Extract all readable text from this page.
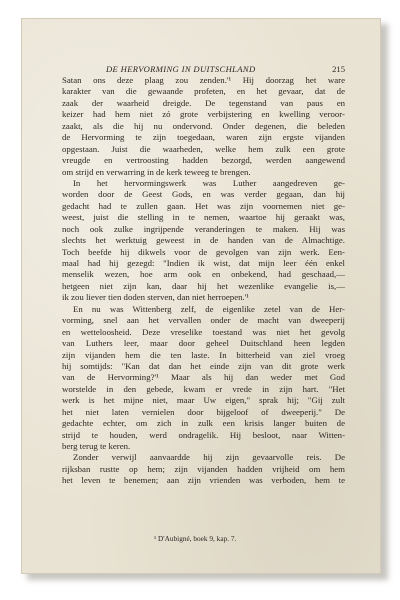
DE HERVORMING IN DUITSCHLAND	215
Satan ons deze plaag zou zenden.'¹ Hij doorzag het ware
karakter van die gewaande profeten, en het gevaar, dat de
zaak der waarheid dreigde. De tegenstand van paus en
keizer had hem niet zó grote verbijstering en kwelling veroor-
zaakt, als die hij nu ondervond. Onder degenen, die beleden
de Hervorming te zijn toegedaan, waren zijn ergste vijanden
opgestaan. Juist die waarheden, welke hem zulk een grote
vreugde en vertroosting hadden bezorgd, werden aangewend
om strijd en verwarring in de kerk teweeg te brengen.
In het hervormingswerk was Luther aangedreven ge-
worden door de Geest Gods, en was verder gegaan, dan hij
gedacht had te zullen gaan. Het was zijn voornemen niet ge-
weest, juist die stelling in te nemen, waartoe hij geraakt was,
noch ook zulke ingrijpende veranderingen te maken. Hij was
slechts het werktuig geweest in de handen van de Almachtige.
Toch beefde hij dikwels voor de gevolgen van zijn werk. Een-
maal had hij gezegd: "Indien ik wist, dat mijn leer één enkel
menselik wezen, hoe arm ook en onbekend, had geschaad,—
hetgeen niet zijn kan, daar hij het wezenlike evangelie is,—
ik zou liever tien doden sterven, dan niet herroepen.'¹
En nu was Wittenberg zelf, de eigenlike zetel van de Her-
vorming, snel aan het vervallen onder de macht van dweeperij
en wetteloosheid. Deze vreselike toestand was niet het gevolg
van Luthers leer, maar door geheel Duitschland heen legden
zijn vijanden hem die ten laste. In bitterheid van ziel vroeg
hij somtijds: "Kan dat dan het einde zijn van dit grote werk
van de Hervorming?'¹ Maar als hij dan weder met God
worstelde in den gebede, kwam er vrede in zijn hart. "Het
werk is het mijne niet, maar Uw eigen," sprak hij; "Gij zult
het niet laten vernielen door bijgeloof of dweeperij." De
gedachte echter, om zich in zulk een krisis langer buiten de
strijd te houden, werd ondragelik. Hij besloot, naar Witten-
berg terug te keren.
Zonder verwijl aanvaardde hij zijn gevaarvolle reis. De
rijksban rustte op hem; zijn vijanden hadden vrijheid om hem
het leven te benemen; aan zijn vrienden was verboden, hem te
¹ D'Aubigné, boek 9, kap. 7.
